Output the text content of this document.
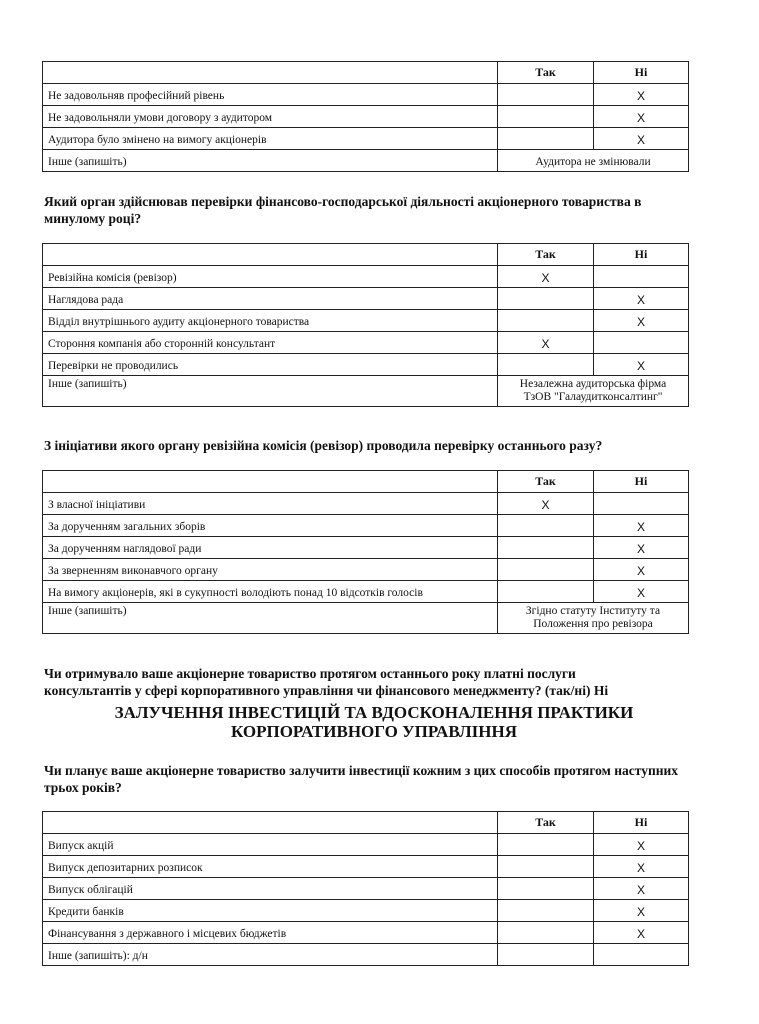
	Так	Ні
Не задовольняв професійний рівень		X
Не задовольняли умови договору з аудитором		X
Аудитора було змінено на вимогу акціонерів		X
Інше (запишіть)	Аудитора не змінювали	
Який орган здійснював перевірки фінансово-господарської діяльності акціонерного товариства в минулому році?
	Так	Ні
Ревізійна комісія (ревізор)	X	
Наглядова рада		X
Відділ внутрішнього аудиту акціонерного товариства		X
Стороння компанія або сторонній консультант	X	
Перевірки не проводились		X
Інше (запишіть)	Незалежна аудиторська фірма
ТзОВ "Галаудитконсалтинг"	
З ініціативи якого органу ревізійна комісія (ревізор) проводила перевірку останнього разу?
	Так	Ні
З власної ініціативи	X	
За дорученням загальних зборів		X
За дорученням наглядової ради		X
За зверненням виконавчого органу		X
На вимогу акціонерів, які в сукупності володіють понад 10 відсотків голосів		X
Інше (запишіть)	Згідно статуту Інституту та
Положення про ревізора	
Чи отримувало ваше акціонерне товариство протягом останнього року платні послуги
консультантів у сфері корпоративного управління чи фінансового менеджменту? (так/ні) Ні
ЗАЛУЧЕННЯ ІНВЕСТИЦІЙ ТА ВДОСКОНАЛЕННЯ ПРАКТИКИ
КОРПОРАТИВНОГО УПРАВЛІННЯ
Чи планує ваше акціонерне товариство залучити інвестиції кожним з цих способів протягом наступних трьох років?
	Так	Ні
Випуск акцій		X
Випуск депозитарних розписок		X
Випуск облігацій		X
Кредити банків		X
Фінансування з державного і місцевих бюджетів		X
Інше (запишіть): д/н		
